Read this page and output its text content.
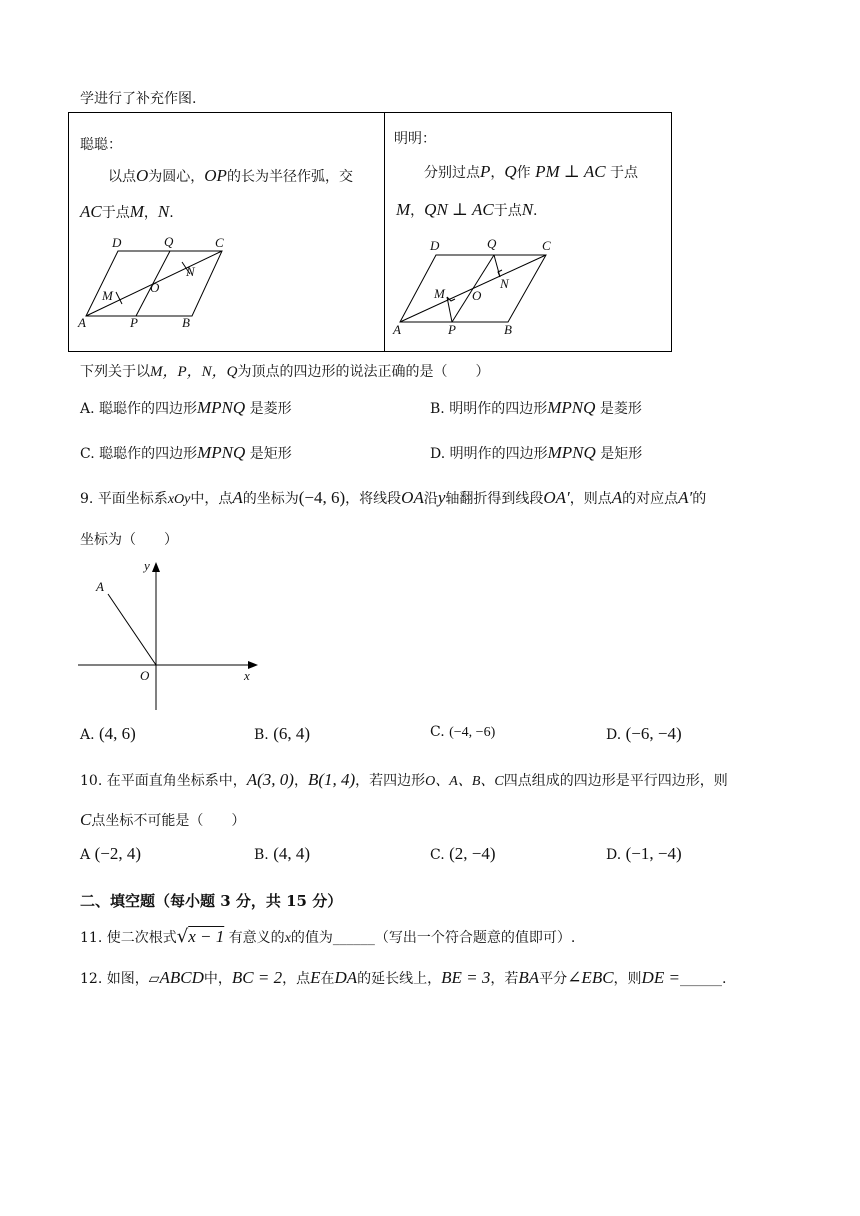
学进行了补充作图.
聪聪：
以点O为圆心，OP的长为半径作弧，交
AC于点M，N.
A	P	B
D	Q	C
O
M
N
明明：
分别过点P，Q作 PM ⊥ AC 于点
M，QN ⊥ AC于点N.
A	P	B
D	Q	C
O
M
N
下列关于以M，P，N，Q为顶点的四边形的说法正确的是（　　）
A. 聪聪作的四边形MPNQ 是菱形	B. 明明作的四边形MPNQ 是菱形
C. 聪聪作的四边形MPNQ 是矩形	D. 明明作的四边形MPNQ 是矩形
9. 平面坐标系xOy中，点A的坐标为(−4, 6)，将线段OA沿y轴翻折得到线段OA′，则点A的对应点A′的
坐标为（　　）
y
x
O
A
A. (4, 6)	B. (6, 4)	C. (−4, −6)	D. (−6, −4)
10. 在平面直角坐标系中，A(3, 0)，B(1, 4)，若四边形O、A、B、C四点组成的四边形是平行四边形，则
C点坐标不可能是（　　）
A (−2, 4)	B. (4, 4)	C. (2, −4)	D. (−1, −4)
二、填空题（每小题 3 分，共 15 分）
11. 使二次根式√x − 1 有意义的x的值为______（写出一个符合题意的值即可）.
12. 如图，▱ABCD中，BC = 2，点E在DA的延长线上，BE = 3，若BA平分∠EBC，则DE =______.
